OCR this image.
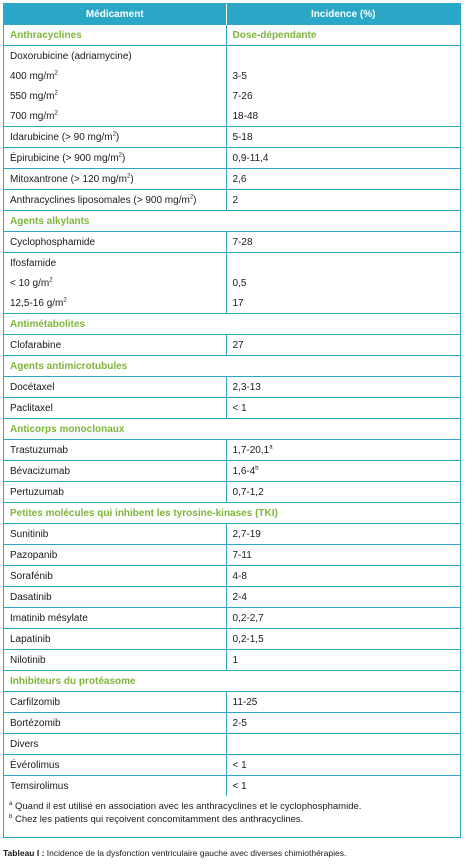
Médicament	Incidence (%)
Anthracyclines	Dose-dépendante
Doxorubicine (adriamycine)	
400 $mg/m^2$	3-5
550 $mg/m^2$	7-26
700 $mg/m^2$	18-48
Idarubicine (> 90 $mg/m^2$)	5-18
Épirubicine (> 900 $mg/m^2$)	0,9-11,4
Mitoxantrone (> 120 $mg/m^2$)	2,6
Anthracyclines liposomales (> 900 $mg/m^2$)	2
Agents alkylants	
Cyclophosphamide	7-28
Ifosfamide	
< 10 $g/m^2$	0,5
12,5-16 $g/m^2$	17
Antimétabolites	
Clofarabine	27
Agents antimicrotubules	
Docétaxel	2,3-13
Paclitaxel	< 1
Anticorps monoclonaux	
Trastuzumab	1,7-20,1$^a$
Bévacizumab	1,6-4$^b$
Pertuzumab	0,7-1,2
Petites molécules qui inhibent les tyrosine-kinases (TKI)	
Sunitinib	2,7-19
Pazopanib	7-11
Sorafénib	4-8
Dasatinib	2-4
Imatinib mésylate	0,2-2,7
Lapatinib	0,2-1,5
Nilotinib	1
Inhibiteurs du protéasome	
Carfilzomib	11-25
Bortézomib	2-5
Divers	
Évérolimus	< 1
Temsirolimus	< 1
$^a$ Quand il est utilisé en association avec les anthracyclines et le cyclophosphamide.
$^b$ Chez les patients qui reçoivent concomitamment des anthracyclines.
Tableau I : Incidence de la dysfonction ventriculaire gauche avec diverses chimiothérapies.
